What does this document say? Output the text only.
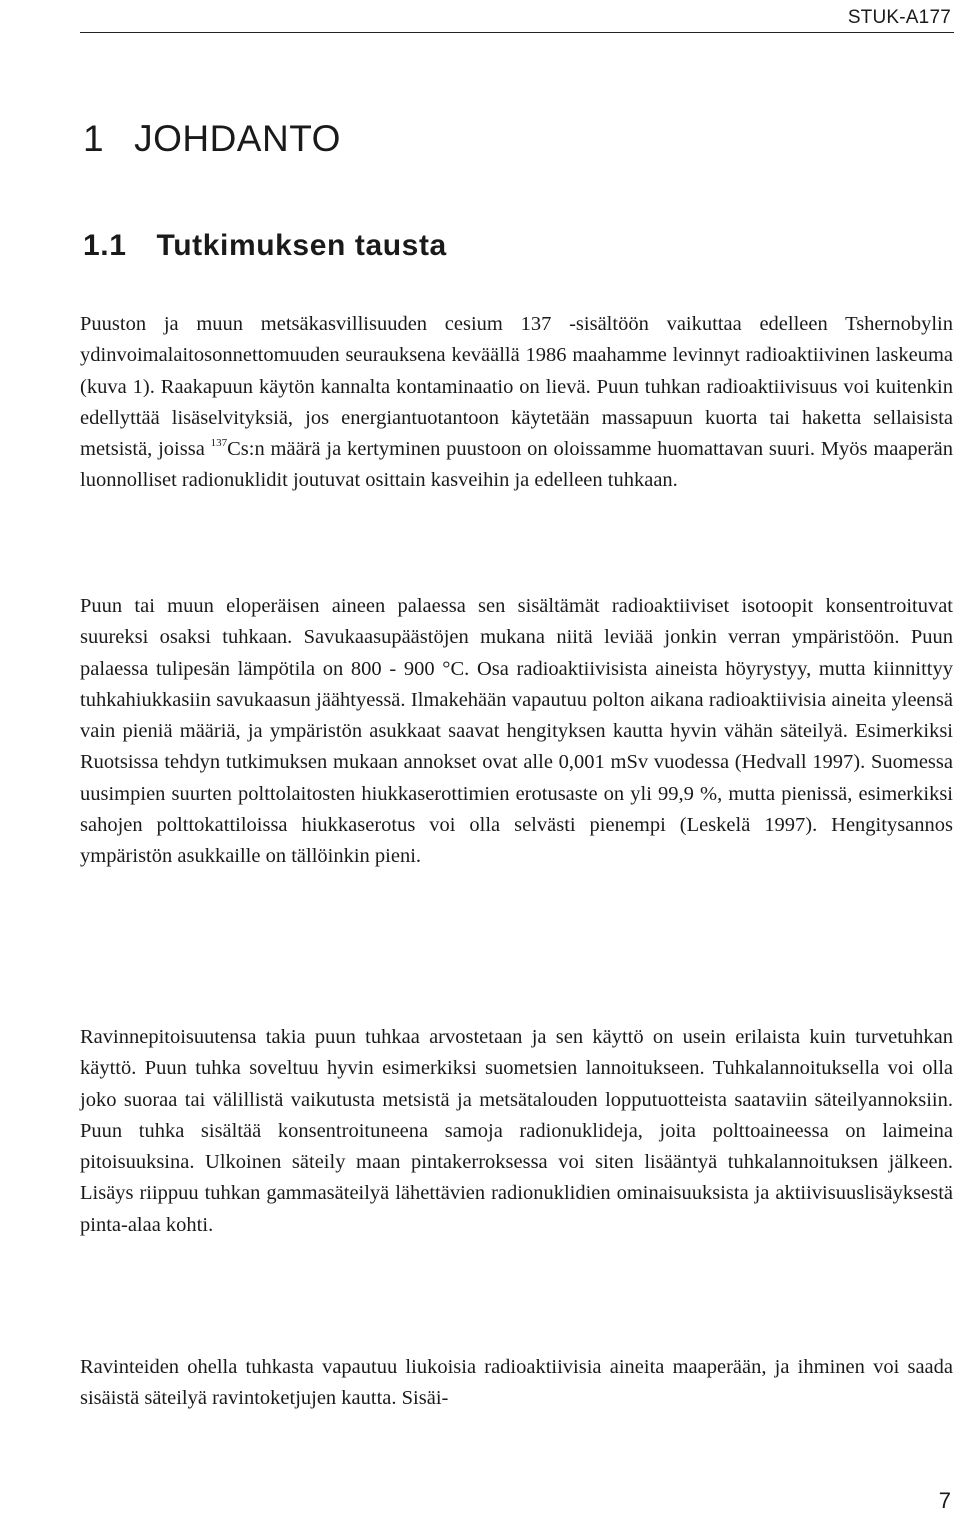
STUK-A177
1 JOHDANTO
1.1 Tutkimuksen tausta

Puuston ja muun metsäkasvillisuuden cesium 137 -sisältöön vaikuttaa edelleen Tshernobylin ydinvoimalaitosonnettomuuden seurauksena keväällä 1986 maahamme levinnyt radioaktiivinen laskeuma (kuva 1). Raakapuun käytön kannalta kontaminaatio on lievä. Puun tuhkan radioaktiivisuus voi kuitenkin edellyttää lisäselvityksiä, jos energiantuotantoon käytetään massapuun kuorta tai haketta sellaisista metsistä, joissa $^{137}$Cs:n määrä ja kertyminen puustoon on oloissamme huomattavan suuri. Myös maaperän luonnolliset radionuklidit joutuvat osittain kasveihin ja edelleen tuhkaan.

Puun tai muun eloperäisen aineen palaessa sen sisältämät radioaktiiviset isotoopit konsentroituvat suureksi osaksi tuhkaan. Savukaasupäästöjen mukana niitä leviää jonkin verran ympäristöön. Puun palaessa tulipesän lämpötila on 800 - 900 °C. Osa radioaktiivisista aineista höyrystyy, mutta kiinnittyy tuhkahiukkasiin savukaasun jäähtyessä. Ilmakehään vapautuu polton aikana radioaktiivisia aineita yleensä vain pieniä määriä, ja ympäristön asukkaat saavat hengityksen kautta hyvin vähän säteilyä. Esimerkiksi Ruotsissa tehdyn tutkimuksen mukaan annokset ovat alle 0,001 mSv vuodessa (Hedvall 1997). Suomessa uusimpien suurten polttolaitosten hiukkaserottimien erotusaste on yli 99,9 %, mutta pienissä, esimerkiksi sahojen polttokattiloissa hiukkaserotus voi olla selvästi pienempi (Leskelä 1997). Hengitysannos ympäristön asukkaille on tällöinkin pieni.

Ravinnepitoisuutensa takia puun tuhkaa arvostetaan ja sen käyttö on usein erilaista kuin turvetuhkan käyttö. Puun tuhka soveltuu hyvin esimerkiksi suometsien lannoitukseen. Tuhkalannoituksella voi olla joko suoraa tai välillistä vaikutusta metsistä ja metsätalouden lopputuotteista saataviin säteilyannoksiin. Puun tuhka sisältää konsentroituneena samoja radionuklideja, joita polttoaineessa on laimeina pitoisuuksina. Ulkoinen säteily maan pintakerroksessa voi siten lisääntyä tuhkalannoituksen jälkeen. Lisäys riippuu tuhkan gammasäteilyä lähettävien radionuklidien ominaisuuksista ja aktiivisuuslisäyksestä pinta-alaa kohti.

Ravinteiden ohella tuhkasta vapautuu liukoisia radioaktiivisia aineita maaperään, ja ihminen voi saada sisäistä säteilyä ravintoketjujen kautta. Sisäi-

7
